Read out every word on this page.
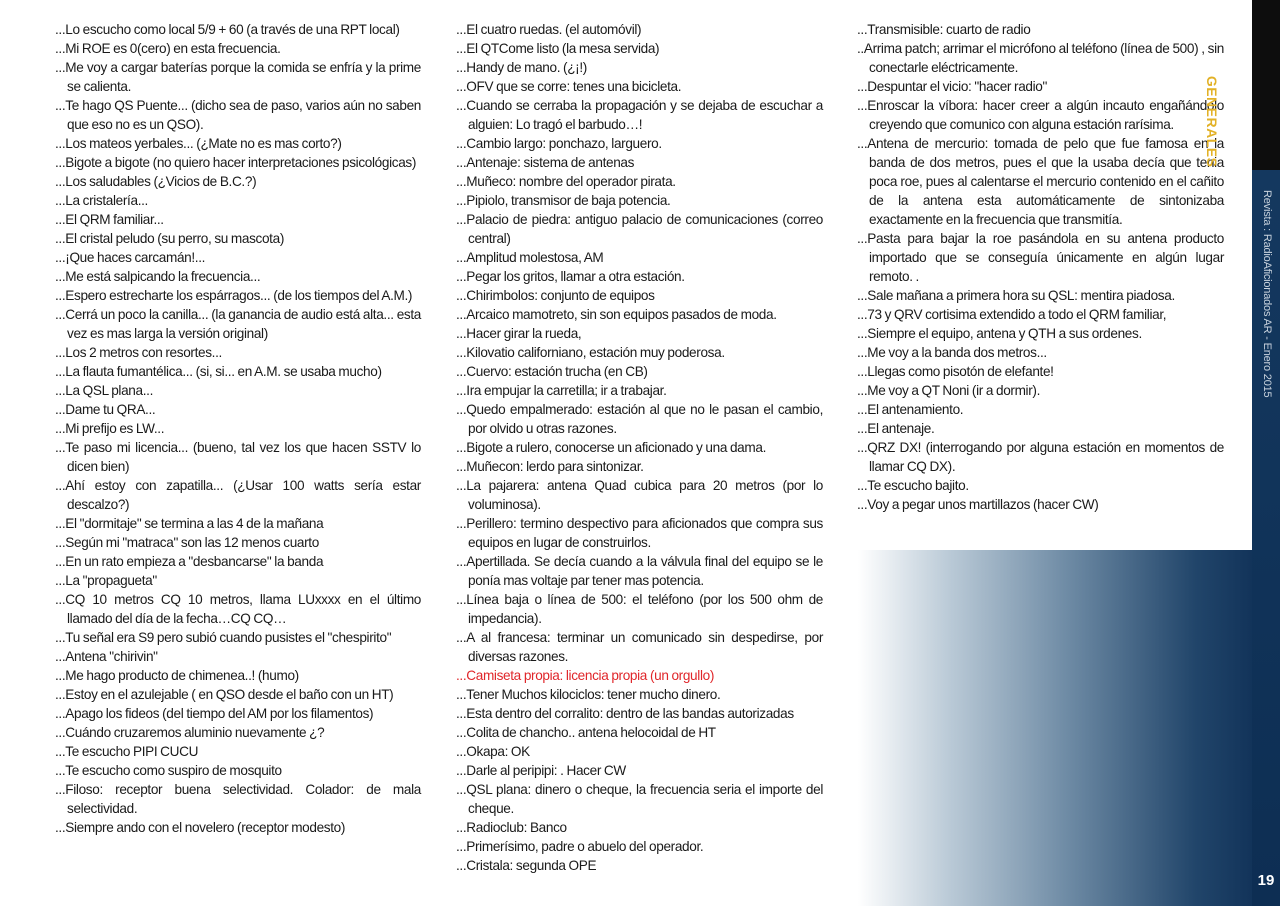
...Lo escucho como local 5/9 + 60 (a través de una RPT local)

...Mi ROE es 0(cero) en esta frecuencia.

...Me voy a cargar baterías porque la comida se enfría y la prime se calienta.

...Te hago QS Puente... (dicho sea de paso, varios aún no saben que eso no es un QSO).

...Los mateos yerbales... (¿Mate no es mas corto?)

...Bigote a bigote (no quiero hacer interpretaciones psicológicas)

...Los saludables (¿Vicios de B.C.?)

...La cristalería...

...El QRM familiar...

...El cristal peludo (su perro, su mascota)

...¡Que haces carcamán!...

...Me está salpicando la frecuencia...

...Espero estrecharte los espárragos... (de los tiempos del A.M.)

...Cerrá un poco la canilla... (la ganancia de audio está alta... esta vez es mas larga la versión original)

...Los 2 metros con resortes...

...La flauta fumantélica... (si, si... en A.M. se usaba mucho)

...La QSL plana...

...Dame tu QRA...

...Mi prefijo es LW...

...Te paso mi licencia... (bueno, tal vez los que hacen SSTV lo dicen bien)

...Ahí estoy con zapatilla... (¿Usar 100 watts sería estar descalzo?)

...El "dormitaje" se termina a las 4 de la mañana

...Según mi "matraca" son las 12 menos cuarto

...En un rato empieza a "desbancarse" la banda

...La "propagueta"

...CQ 10 metros CQ 10 metros, llama LUxxxx en el último llamado del día de la fecha…CQ CQ…

...Tu señal era S9 pero subió cuando pusistes el "chespirito"

...Antena "chirivin"

...Me hago producto de chimenea..! (humo)

...Estoy en el azulejable ( en QSO desde el baño con un HT)

...Apago los fideos (del tiempo del AM por los filamentos)

...Cuándo cruzaremos aluminio nuevamente ¿?

...Te escucho PIPI CUCU

...Te escucho como suspiro de mosquito

...Filoso: receptor buena selectividad. Colador: de mala selectividad.

...Siempre ando con el novelero (receptor modesto)

...El cuatro ruedas. (el automóvil)

...El QTCome listo (la mesa servida)

...Handy de mano. (¿¡!)

...OFV que se corre: tenes una bicicleta.

...Cuando se cerraba la propagación y se dejaba de escuchar a alguien: Lo tragó el barbudo…!

...Cambio largo: ponchazo, larguero.

...Antenaje: sistema de antenas

...Muñeco: nombre del operador pirata.

...Pipiolo, transmisor de baja potencia.

...Palacio de piedra: antiguo palacio de comunicaciones (correo central)

...Amplitud molestosa, AM

...Pegar los gritos, llamar a otra estación.

...Chirimbolos: conjunto de equipos

...Arcaico mamotreto, sin son equipos pasados de moda.

...Hacer girar la rueda,

...Kilovatio californiano, estación muy poderosa.

...Cuervo: estación trucha (en CB)

...Ira empujar la carretilla; ir a trabajar.

...Quedo empalmerado: estación al que no le pasan el cambio, por olvido u otras razones.

...Bigote a rulero, conocerse un aficionado y una dama.

...Muñecon: lerdo para sintonizar.

...La pajarera: antena Quad cubica para 20 metros (por lo voluminosa).

...Perillero: termino despectivo para aficionados que compra sus equipos en lugar de construirlos.

...Apertillada. Se decía cuando a la válvula final del equipo se le ponía mas voltaje par tener mas potencia.

...Línea baja o línea de 500: el teléfono (por los 500 ohm de impedancia).

...A al francesa: terminar un comunicado sin despedirse, por diversas razones.

...Camiseta propia: licencia propia (un orgullo)

...Tener Muchos kilociclos: tener mucho dinero.

...Esta dentro del corralito: dentro de las bandas autorizadas

...Colita de chancho.. antena helocoidal de HT

...Okapa: OK

...Darle al peripipi: . Hacer CW

...QSL plana: dinero o cheque, la frecuencia seria el importe del cheque.

...Radioclub: Banco

...Primerísimo, padre o abuelo del operador.

...Cristala: segunda OPE

...Transmisible: cuarto de radio

..Arrima patch; arrimar el micrófono al teléfono (línea de 500) , sin conectarle eléctricamente.

...Despuntar el vicio: "hacer radio"

...Enroscar la víbora: hacer creer a algún incauto engañándolo creyendo que comunico con alguna estación rarísima.

...Antena de mercurio: tomada de pelo que fue famosa en la banda de dos metros, pues el que la usaba decía que tenia poca roe, pues al calentarse el mercurio contenido en el cañito de la antena esta automáticamente de sintonizaba exactamente en la frecuencia que transmitía.

...Pasta para bajar la roe pasándola en su antena producto importado que se conseguía únicamente en algún lugar remoto. .

...Sale mañana a primera hora su QSL: mentira piadosa.

...73 y QRV cortisima extendido a todo el QRM familiar,

...Siempre el equipo, antena y QTH a sus ordenes.

...Me voy a la banda dos metros...

...Llegas como pisotón de elefante!

...Me voy a QT Noni (ir a dormir).

...El antenamiento.

...El antenaje.

...QRZ DX! (interrogando por alguna estación en momentos de llamar CQ DX).

...Te escucho bajito.

...Voy a pegar unos martillazos (hacer CW)

GENERALES
Revista : RadioAficionados AR - Enero 2015
19
